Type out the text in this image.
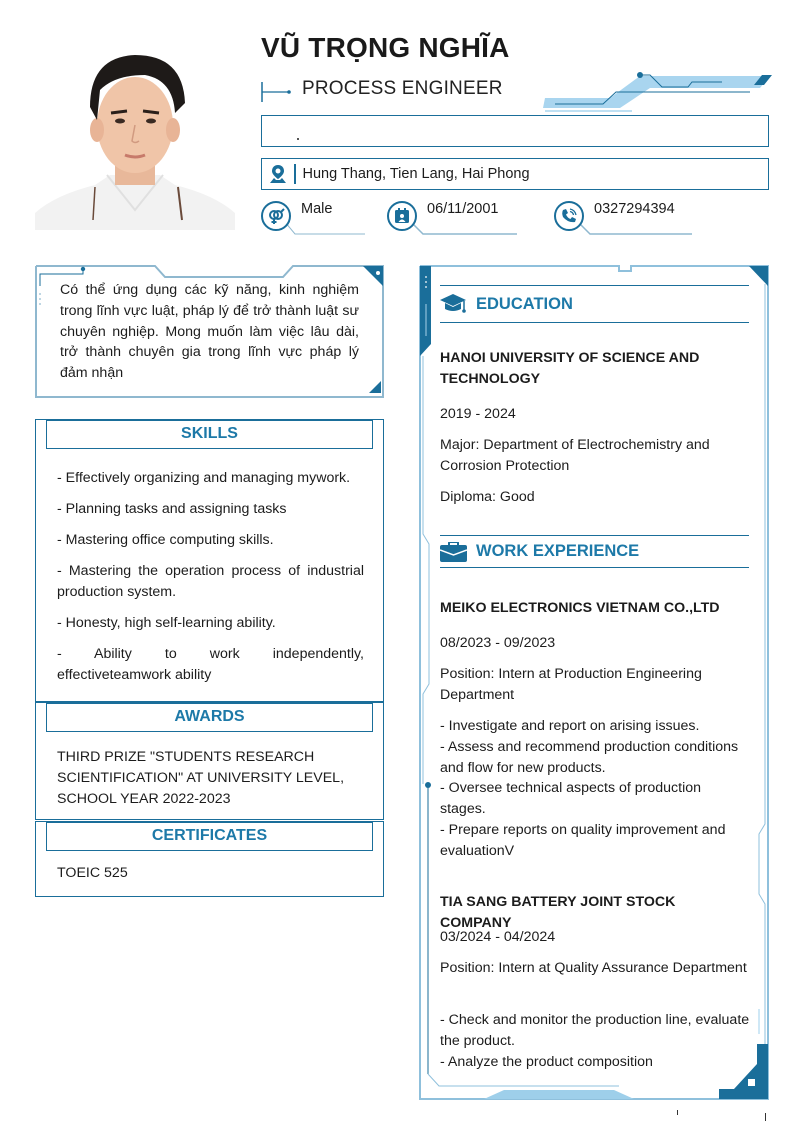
VŨ TRỌNG NGHĨA
PROCESS ENGINEER
Hung Thang, Tien Lang, Hai Phong
Male	06/11/2001	0327294394
Có thể ứng dụng các kỹ năng, kinh nghiệm trong lĩnh vực luật, pháp lý để trở thành luật sư chuyên nghiệp. Mong muốn làm việc lâu dài, trở thành chuyên gia trong lĩnh vực pháp lý đảm nhận
SKILLS
- Effectively organizing and managing mywork.
- Planning tasks and assigning tasks
- Mastering office computing skills.
- Mastering the operation process of industrial production system.
- Honesty, high self-learning ability.
- Ability to work independently, effectiveteamwork ability
AWARDS
THIRD PRIZE "STUDENTS RESEARCH SCIENTIFICATION" AT UNIVERSITY LEVEL, SCHOOL YEAR 2022-2023
CERTIFICATES
TOEIC 525
EDUCATION
HANOI UNIVERSITY OF SCIENCE AND TECHNOLOGY
2019 - 2024
Major: Department of Electrochemistry and Corrosion Protection
Diploma: Good
WORK EXPERIENCE
MEIKO ELECTRONICS VIETNAM CO.,LTD
08/2023 - 09/2023
Position: Intern at Production Engineering Department
- Investigate and report on arising issues.
- Assess and recommend production conditions and flow for new products.
- Oversee technical aspects of production stages.
- Prepare reports on quality improvement and evaluationV
TIA SANG BATTERY JOINT STOCK COMPANY
03/2024 - 04/2024
Position: Intern at Quality Assurance Department
- Check and monitor the production line, evaluate the product.
- Analyze the product composition
